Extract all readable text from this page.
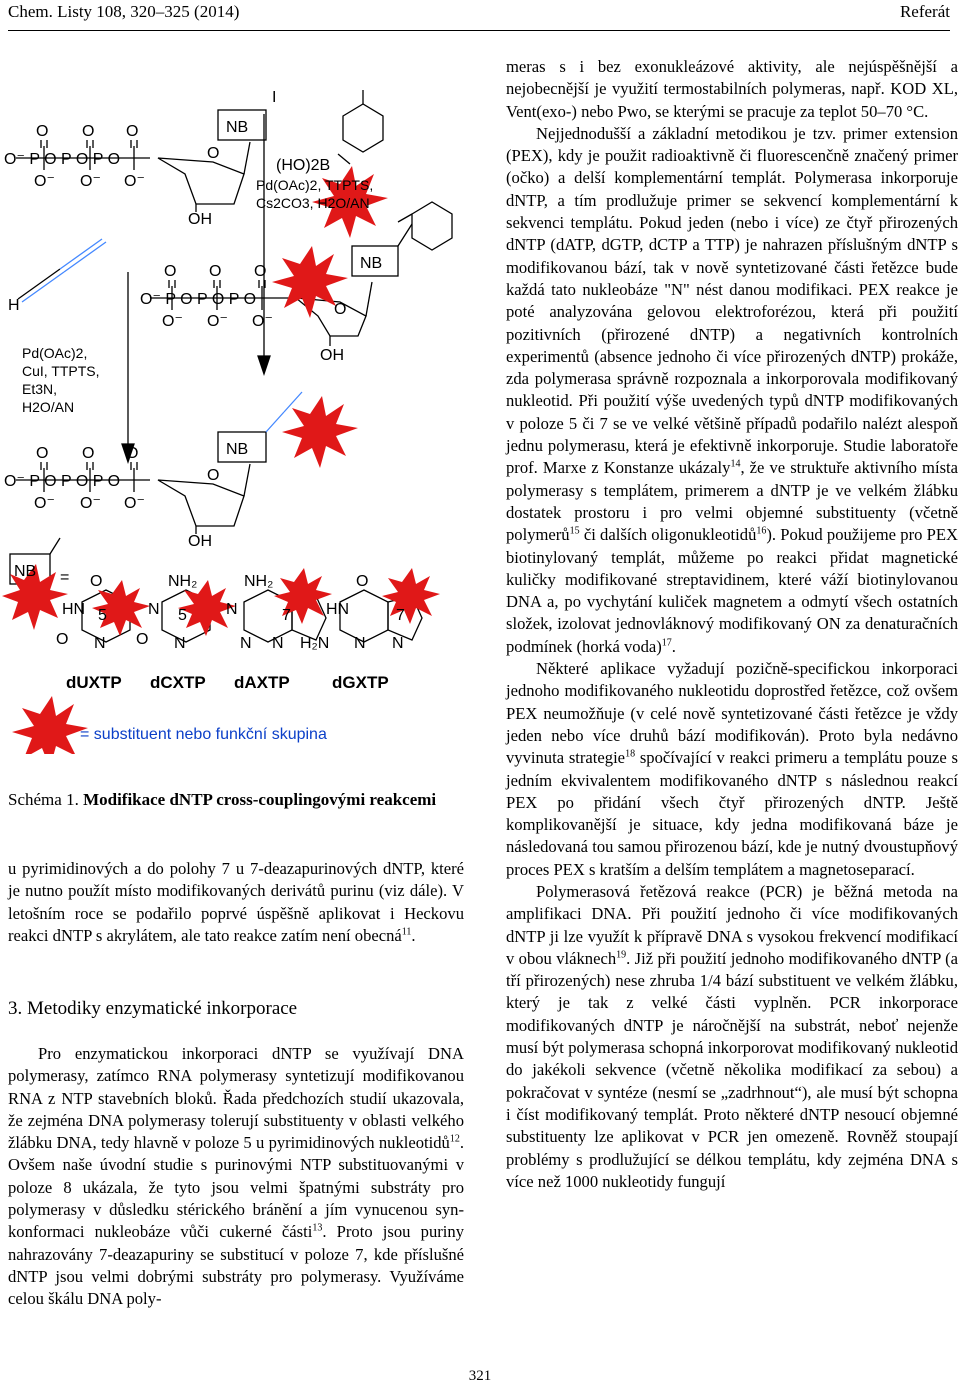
Chem. Listy 108, 320–325 (2014)	Referát
O⁻ P O P O P O
O O O
O⁻ O⁻ O⁻
O
OH
NB
I
(HO)2B
Pd(OAc)2, TTPTS,
Cs2CO3, H2O/AN
O⁻ P O P O P O
O O O
O⁻ O⁻ O⁻
O
OH
NB
H
Pd(OAc)2,
CuI, TTPTS,
Et3N,
H2O/AN
O⁻ P O P O P O
O O O
O⁻ O⁻ O⁻
O
OH
NB
NB =
HN
O N
O
5	N
O N
NH₂
5 N
N N
NH₂
7 HN
H₂N N N
O
7
dUXTP dCXTP dAXTP dGXTP
= substituent nebo funkční skupina
Schéma 1. Modifikace dNTP cross-couplingovými reakcemi

u pyrimidinových a do polohy 7 u 7-deazapurinových dNTP, které je nutno použít místo modifikovaných derivátů purinu (viz dále). V letošním roce se podařilo poprvé úspěšně aplikovat i Heckovu reakci dNTP s akrylátem, ale tato reakce zatím není obecná$^{11}$.

3. Metodiky enzymatické inkorporace

Pro enzymatickou inkorporaci dNTP se využívají DNA polymerasy, zatímco RNA polymerasy syntetizují modifikovanou RNA z NTP stavebních bloků. Řada předchozích studií ukazovala, že zejména DNA polymerasy tolerují substituenty v oblasti velkého žlábku DNA, tedy hlavně v poloze 5 u pyrimidinových nukleotidů$^{12}$. Ovšem naše úvodní studie s purinovými NTP substituovanými v poloze 8 ukázala, že tyto jsou velmi špatnými substráty pro polymerasy v důsledku stérického bránění a jím vynucenou syn-konformaci nukleobáze vůči cukerné části$^{13}$. Proto jsou puriny nahrazovány 7-deazapuriny se substitucí v poloze 7, kde příslušné dNTP jsou velmi dobrými substráty pro polymerasy. Využíváme celou škálu DNA poly-

meras s i bez exonukleázové aktivity, ale nejúspěšnější a nejobecnější je využití termostabilních polymeras, např. KOD XL, Vent(exo-) nebo Pwo, se kterými se pracuje za teplot 50–70 °C.

Nejjednodušší a základní metodikou je tzv. primer extension (PEX), kdy je použit radioaktivně či fluorescenčně značený primer (očko) a delší komplementární templát. Polymerasa inkorporuje dNTP, a tím prodlužuje primer se sekvencí komplementární k sekvenci templátu. Pokud jeden (nebo i více) ze čtyř přirozených dNTP (dATP, dGTP, dCTP a TTP) je nahrazen příslušným dNTP s modifikovanou bází, tak v nově syntetizované části řetězce bude každá tato nukleobáze "N" nést danou modifikaci. PEX reakce je poté analyzována gelovou elektroforézou, která při použití pozitivních (přirozené dNTP) a negativních kontrolních experimentů (absence jednoho či více přirozených dNTP) prokáže, zda polymerasa správně rozpoznala a inkorporovala modifikovaný nukleotid. Při použití výše uvedených typů dNTP modifikovaných v poloze 5 či 7 se ve velké většině případů podařilo nalézt alespoň jednu polymerasu, která je efektivně inkorporuje. Studie laboratoře prof. Marxe z Konstanze ukázaly$^{14}$, že ve struktuře aktivního místa polymerasy s templátem, primerem a dNTP je ve velkém žlábku dostatek prostoru i pro velmi objemné substituenty (včetně polymerů$^{15}$ či dalších oligonukleotidů$^{16}$). Pokud použijeme pro PEX biotinylovaný templát, můžeme po reakci přidat magnetické kuličky modifikované streptavidinem, které váží biotinylovanou DNA a, po vychytání kuliček magnetem a odmytí všech ostatních složek, izolovat jednovláknový modifikovaný ON za denaturačních podmínek (horká voda)$^{17}$.

Některé aplikace vyžadují pozičně-specifickou inkorporaci jednoho modifikovaného nukleotidu doprostřed řetězce, což ovšem PEX neumožňuje (v celé nově syntetizované části řetězce je vždy jeden nebo více druhů bází modifikován). Proto byla nedávno vyvinuta strategie$^{18}$ spočívající v reakci primeru a templátu pouze s jedním ekvivalentem modifikovaného dNTP s následnou reakcí PEX po přidání všech čtyř přirozených dNTP. Ještě komplikovanější je situace, kdy jedna modifikovaná báze je následovaná tou samou přirozenou bází, kde je nutný dvoustupňový proces PEX s kratším a delším templátem a magnetoseparací.

Polymerasová řetězová reakce (PCR) je běžná metoda na amplifikaci DNA. Při použití jednoho či více modifikovaných dNTP ji lze využít k přípravě DNA s vysokou frekvencí modifikací v obou vláknech$^{19}$. Již při použití jednoho modifikovaného dNTP (a tří přirozených) nese zhruba 1/4 bází substituent ve velkém žlábku, který je tak z velké části vyplněn. PCR inkorporace modifikovaných dNTP je náročnější na substrát, neboť nejenže musí být polymerasa schopná inkorporovat modifikovaný nukleotid do jakékoli sekvence (včetně několika modifikací za sebou) a pokračovat v syntéze (nesmí se „zadrhnout“), ale musí být schopna i číst modifikovaný templát. Proto některé dNTP nesoucí objemné substituenty lze aplikovat v PCR jen omezeně. Rovněž stoupají problémy s prodlužující se délkou templátu, kdy zejména DNA s více než 1000 nukleotidy fungují

321
